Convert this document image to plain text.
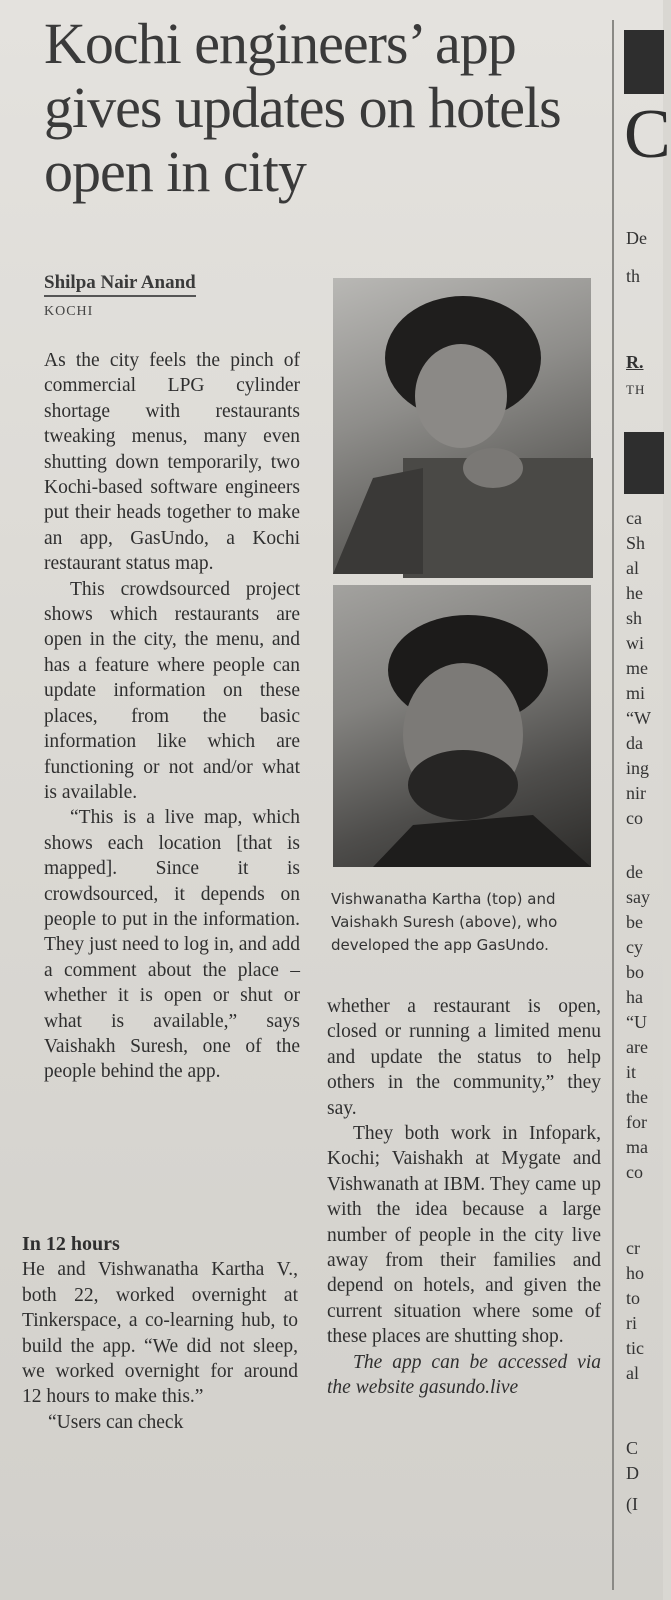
Kochi engineers’ app gives updates on hotels open in city
Shilpa Nair Anand
KOCHI

As the city feels the pinch of commercial LPG cylinder shortage with restaurants tweaking menus, many even shutting down temporarily, two Kochi-based software engineers put their heads together to make an app, GasUndo, a Kochi restaurant status map.

This crowdsourced project shows which restaurants are open in the city, the menu, and has a feature where people can update information on these places, from the basic information like which are functioning or not and/or what is available.

“This is a live map, which shows each location [that is mapped]. Since it is crowdsourced, it depends on people to put in the information. They just need to log in, and add a comment about the place – whether it is open or shut or what is available,” says Vaishakh Suresh, one of the people behind the app.

In 12 hours

He and Vishwanatha Kartha V., both 22, worked overnight at Tinkerspace, a co-learning hub, to build the app. “We did not sleep, we worked overnight for around 12 hours to make this.”

“Users can check

Vishwanatha Kartha (top) and Vaishakh Suresh (above), who developed the app GasUndo.

whether a restaurant is open, closed or running a limited menu and update the status to help others in the community,” they say.

They both work in Infopark, Kochi; Vaishakh at Mygate and Vishwanath at IBM. They came up with the idea because a large number of people in the city live away from their families and depend on hotels, and given the current situation where some of these places are shutting shop.

The app can be accessed via the website gasundo.live

C
De
th
R.
TH
ca
Sh
al
he
sh
wi
me
mi
“W
da
ing
nir
co
de
say
be
cy
bo
ha
“U
are
it
the
for
ma
co
cr
ho
to
ri
tic
al
C
D
(I
